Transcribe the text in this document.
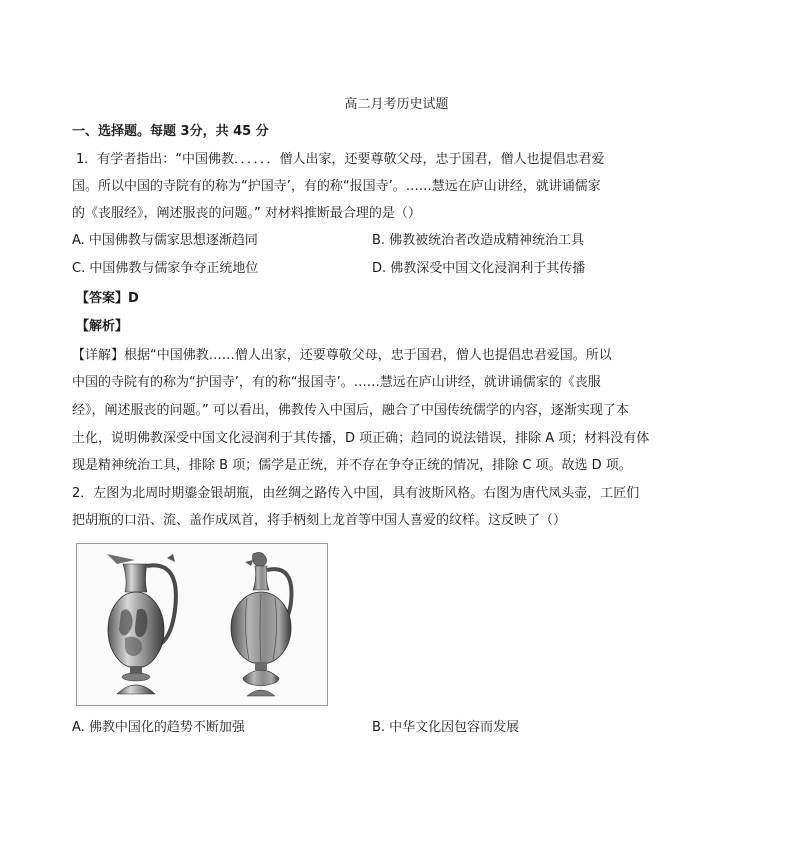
高二月考历史试题
一、选择题。每题 3分，共 45 分
1．有学者指出：“中国佛教．．．．．．僧人出家，还要尊敬父母，忠于国君，僧人也提倡忠君爱
国。所以中国的寺院有的称为“护国寺’，有的称“报国寺’。……慧远在庐山讲经，就讲诵儒家
的《丧服经》，阐述服丧的问题。” 对材料推断最合理的是（）
A. 中国佛教与儒家思想逐渐趋同	B. 佛教被统治者改造成精神统治工具
C. 中国佛教与儒家争夺正统地位	D. 佛教深受中国文化浸润利于其传播
【答案】D
【解析】
【详解】根据“中国佛教……僧人出家，还要尊敬父母，忠于国君，僧人也提倡忠君爱国。所以
中国的寺院有的称为“护国寺’，有的称“报国寺’。……慧远在庐山讲经，就讲诵儒家的《丧服
经》，阐述服丧的问题。” 可以看出，佛教传入中国后，融合了中国传统儒学的内容，逐渐实现了本
土化，说明佛教深受中国文化浸润利于其传播，D 项正确；趋同的说法错误，排除 A 项；材料没有体
现是精神统治工具，排除 B 项；儒学是正统，并不存在争夺正统的情况，排除 C 项。故选 D 项。
2．左图为北周时期鎏金银胡瓶，由丝绸之路传入中国，具有波斯风格。右图为唐代凤头壶，工匠们
把胡瓶的口沿、流、盖作成凤首，将手柄刻上龙首等中国人喜爱的纹样。这反映了（）
A. 佛教中国化的趋势不断加强	B. 中华文化因包容而发展
